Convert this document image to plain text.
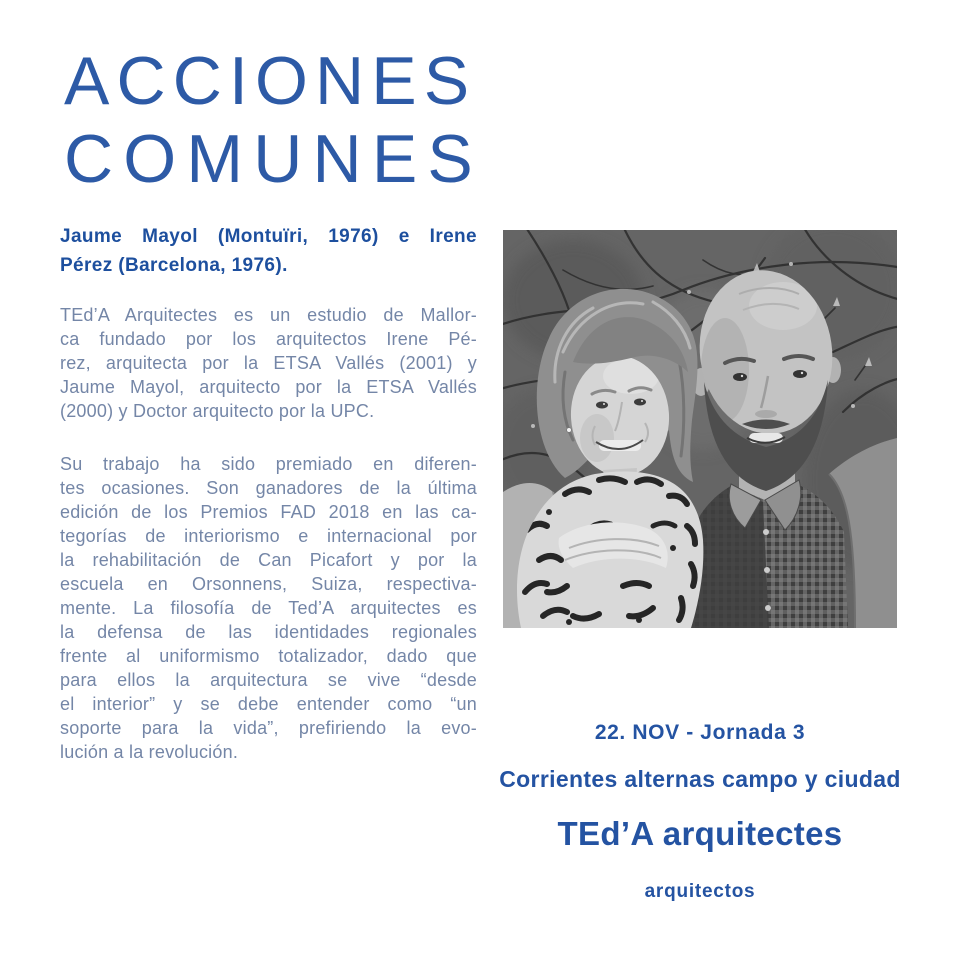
ACCIONES
COMUNES

Jaume Mayol (Montuïri, 1976) e Irene
Pérez (Barcelona, 1976).

TEd’A Arquitectes es un estudio de Mallor-
ca fundado por los arquitectos Irene Pé-
rez, arquitecta por la ETSA Vallés (2001) y
Jaume Mayol, arquitecto por la ETSA Vallés
(2000) y Doctor arquitecto por la UPC.

Su trabajo ha sido premiado en diferen-
tes ocasiones. Son ganadores de la última
edición de los Premios FAD 2018 en las ca-
tegorías de interiorismo e internacional por
la rehabilitación de Can Picafort y por la
escuela en Orsonnens, Suiza, respectiva-
mente. La filosofía de Ted’A arquitectes es
la defensa de las identidades regionales
frente al uniformismo totalizador, dado que
para ellos la arquitectura se vive “desde
el interior” y se debe entender como “un
soporte para la vida”, prefiriendo la evo-
lución a la revolución.

22. NOV - Jornada 3
Corrientes alternas campo y ciudad
TEd’A arquitectes
arquitectos
